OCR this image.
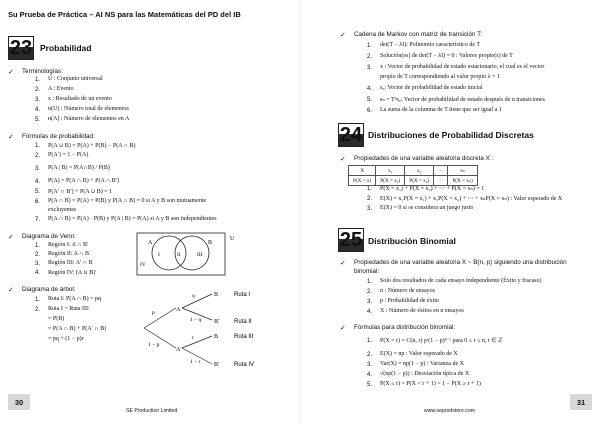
Su Prueba de Práctica – AI NS para las Matemáticas del PD del IB
23 Probabilidad
✓ Terminologías:
1. U : Conjunto universal
2. A : Evento
3. x : Resultado de un evento
4. n(U) : Número total de elementos
5. n(A) : Número de elementos en A
✓ Fórmulas de probabilidad:
1. P(A ∪ B) = P(A) + P(B) − P(A ∩ B)
2. P(A′) = 1 − P(A)
3. P(A | B) = P(A∩B) / P(B)
4. P(A) = P(A ∩ B) + P(A ∩ B′)
5. P(A′ ∩ B′) + P(A ∪ B) = 1
6. P(A ∩ B) = P(A) = P(B) y P(A ∩ B) = 0 si A y B son mutuamente
excluyentes
7. P(A ∩ B) = P(A) · P(B) y P(A | B) = P(A) si A y B son independientes
✓ Diagrama de Venn:
1. Región I: A ∩ B′
2. Región II: A ∩ B
3. Región III: A′ ∩ B
4. Región IV: (A ∪ B)′
A	B
U
I	II	III
IV
✓ Diagrama de árbol:
1. Ruta I: P(A ∩ B) = pq
2. Ruta I + Ruta III:
= P(B)
= P(A ∩ B) + P(A′ ∩ B)
= pq + (1 − p)r
p
1 − p
A
A′
q
1 − q
r
1 − r
B
B′
B
B′
Ruta I
Ruta II
Ruta III
Ruta IV
30
SE Production Limited
✓ Cadena de Markov con matriz de transición T:
1. det(T − λI): Polinomio característico de T
2. Solución(es) de det(T − λI) = 0 : Valores propio(s) de T
3. x : Vector de probabilidad de estado estacionario, el cual es el vector
propio de T correspondiendo al valor propio λ = 1
4. s₀: Vector de probabilidad de estado inicial
5. sₙ = Tⁿs₀: Vector de probabilidad de estado después de n transiciones
6. La suma de la columna de T tiene que ser igual a 1
24 Distribuciones de Probabilidad Discretas
✓ Propiedades de una variable aleatoria discreta X :
1. P(X = x₁) + P(X = x₂) + ⋯ + P(X = xₙ) = 1
2. E(X) = x₁P(X = x₁) + x₂P(X = x₂) + ⋯ + xₙP(X = xₙ) : Valor esperado de X
3. E(X) = 0 si se considera un juego justo
25 Distribución Binomial
✓ Propiedades de una variable aleatoria X ~ B(n, p) siguiendo una distribución
binomial:
1. Solo dos resultados de cada ensayo independiente (Éxito y fracaso)
2. n : Número de ensayos
3. p : Probabilidad de éxito
4. X : Número de éxitos en n ensayos
✓ Fórmulas para distribución binomial:
1. P(X = r) = C(n, r) pʳ(1 − p)ⁿ⁻ʳ para 0 ≤ r ≤ n, r ∈ ℤ
2. E(X) = np : Valor esperado de X
3. Var(X) = np(1 − p) : Varianza de X
4. √(np(1 − p)) : Desviación típica de X
5. P(X ≤ r) = P(X < r + 1) = 1 − P(X ≥ r + 1)
31
www.seprodstore.com
X	x₁	x₂	⋯	xₙ
P(X = x)	P(X = x₁)	P(X = x₂)	⋯	P(X = xₙ)
